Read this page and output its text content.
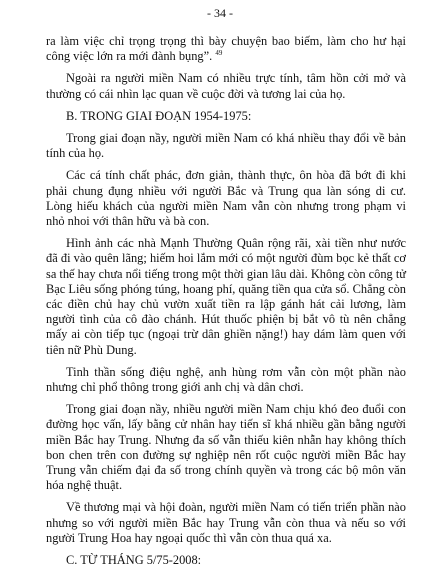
- 34 -

ra làm việc chỉ trọng trọng thì bày chuyện bao biếm, làm cho hư hại công việc lớn ra mới đành bụng”. $^{49}$

Ngoài ra người miền Nam có nhiều trực tính, tâm hồn cởi mở và thường có cái nhìn lạc quan về cuộc đời và tương lai của họ.

B. TRONG GIAI ĐOẠN 1954-1975:

Trong giai đoạn nầy, người miền Nam có khá nhiều thay đổi về bản tính của họ.

Các cá tính chất phác, đơn giản, thành thực, ôn hòa đã bớt đi khi phải chung đụng nhiều với người Bắc và Trung qua làn sóng di cư. Lòng hiếu khách của người miền Nam vẫn còn nhưng trong phạm vi nhỏ nhoi với thân hữu và bà con.

Hình ảnh các nhà Mạnh Thường Quân rộng rãi, xài tiền như nước đã đi vào quên lãng; hiếm hoi lắm mới có một người đùm bọc kẻ thất cơ sa thế hay chưa nổi tiếng trong một thời gian lâu dài. Không còn công tử Bạc Liêu sống phóng túng, hoang phí, quăng tiền qua cửa sổ. Chẳng còn các điền chủ hay chủ vườn xuất tiền ra lập gánh hát cải lương, làm người tình của cô đào chánh. Hút thuốc phiện bị bắt vô tù nên chẳng mấy ai còn tiếp tục (ngoại trừ dân ghiền nặng!) hay dám làm quen với tiên nữ Phù Dung.

Tinh thần sống điệu nghệ, anh hùng rơm vẫn còn một phần nào nhưng chỉ phổ thông trong giới anh chị và dân chơi.

Trong giai đoạn nầy, nhiều người miền Nam chịu khó đeo đuổi con đường học vấn, lấy bằng cử nhân hay tiến sĩ khá nhiều gần bằng người miền Bắc hay Trung. Nhưng đa số vẫn thiếu kiên nhẫn hay không thích bon chen trên con đường sự nghiệp nên rốt cuộc người miền Bắc hay Trung vẫn chiếm đại đa số trong chính quyền và trong các bộ môn văn hóa nghệ thuật.

Về thương mại và hội đoàn, người miền Nam có tiến triển phần nào nhưng so với người miền Bắc hay Trung vẫn còn thua và nếu so với người Trung Hoa hay ngoại quốc thì vẫn còn thua quá xa.

C. TỪ THÁNG 5/75-2008:
